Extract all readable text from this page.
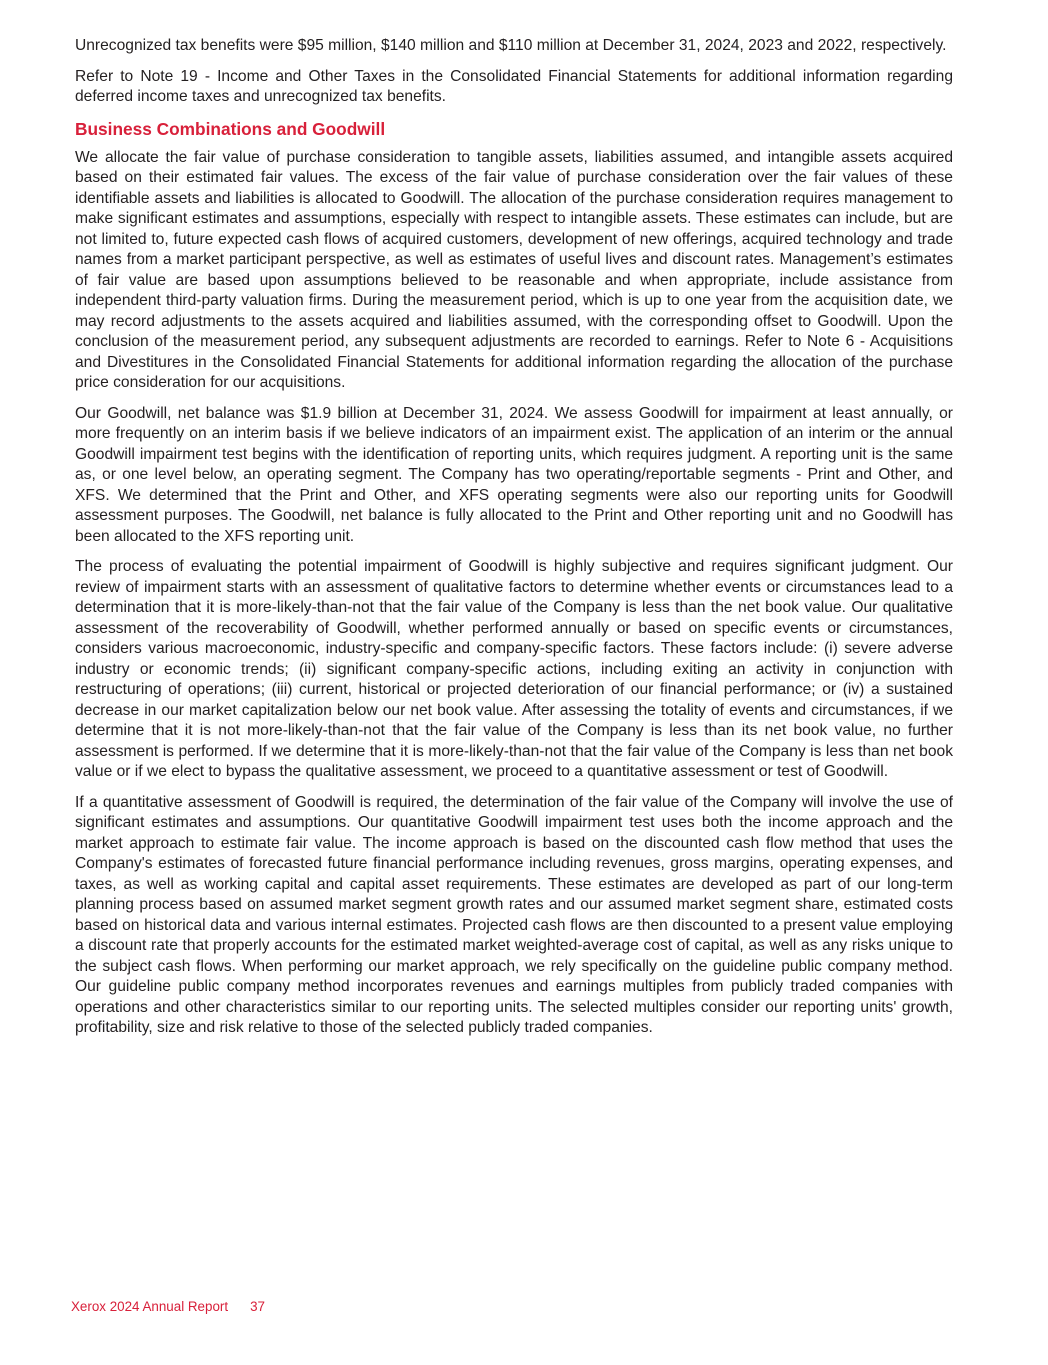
Unrecognized tax benefits were $95 million, $140 million and $110 million at December 31, 2024, 2023 and 2022, respectively.

Refer to Note 19 - Income and Other Taxes in the Consolidated Financial Statements for additional information regarding deferred income taxes and unrecognized tax benefits.

Business Combinations and Goodwill

We allocate the fair value of purchase consideration to tangible assets, liabilities assumed, and intangible assets acquired based on their estimated fair values. The excess of the fair value of purchase consideration over the fair values of these identifiable assets and liabilities is allocated to Goodwill. The allocation of the purchase consideration requires management to make significant estimates and assumptions, especially with respect to intangible assets. These estimates can include, but are not limited to, future expected cash flows of acquired customers, development of new offerings, acquired technology and trade names from a market participant perspective, as well as estimates of useful lives and discount rates. Management’s estimates of fair value are based upon assumptions believed to be reasonable and when appropriate, include assistance from independent third-party valuation firms. During the measurement period, which is up to one year from the acquisition date, we may record adjustments to the assets acquired and liabilities assumed, with the corresponding offset to Goodwill. Upon the conclusion of the measurement period, any subsequent adjustments are recorded to earnings. Refer to Note 6 - Acquisitions and Divestitures in the Consolidated Financial Statements for additional information regarding the allocation of the purchase price consideration for our acquisitions.

Our Goodwill, net balance was $1.9 billion at December 31, 2024. We assess Goodwill for impairment at least annually, or more frequently on an interim basis if we believe indicators of an impairment exist. The application of an interim or the annual Goodwill impairment test begins with the identification of reporting units, which requires judgment. A reporting unit is the same as, or one level below, an operating segment. The Company has two operating/reportable segments - Print and Other, and XFS. We determined that the Print and Other, and XFS operating segments were also our reporting units for Goodwill assessment purposes. The Goodwill, net balance is fully allocated to the Print and Other reporting unit and no Goodwill has been allocated to the XFS reporting unit.

The process of evaluating the potential impairment of Goodwill is highly subjective and requires significant judgment. Our review of impairment starts with an assessment of qualitative factors to determine whether events or circumstances lead to a determination that it is more-likely-than-not that the fair value of the Company is less than the net book value. Our qualitative assessment of the recoverability of Goodwill, whether performed annually or based on specific events or circumstances, considers various macroeconomic, industry-specific and company-specific factors. These factors include: (i) severe adverse industry or economic trends; (ii) significant company-specific actions, including exiting an activity in conjunction with restructuring of operations; (iii) current, historical or projected deterioration of our financial performance; or (iv) a sustained decrease in our market capitalization below our net book value. After assessing the totality of events and circumstances, if we determine that it is not more-likely-than-not that the fair value of the Company is less than its net book value, no further assessment is performed. If we determine that it is more-likely-than-not that the fair value of the Company is less than net book value or if we elect to bypass the qualitative assessment, we proceed to a quantitative assessment or test of Goodwill.

If a quantitative assessment of Goodwill is required, the determination of the fair value of the Company will involve the use of significant estimates and assumptions. Our quantitative Goodwill impairment test uses both the income approach and the market approach to estimate fair value. The income approach is based on the discounted cash flow method that uses the Company's estimates of forecasted future financial performance including revenues, gross margins, operating expenses, and taxes, as well as working capital and capital asset requirements. These estimates are developed as part of our long-term planning process based on assumed market segment growth rates and our assumed market segment share, estimated costs based on historical data and various internal estimates. Projected cash flows are then discounted to a present value employing a discount rate that properly accounts for the estimated market weighted-average cost of capital, as well as any risks unique to the subject cash flows. When performing our market approach, we rely specifically on the guideline public company method. Our guideline public company method incorporates revenues and earnings multiples from publicly traded companies with operations and other characteristics similar to our reporting units. The selected multiples consider our reporting units' growth, profitability, size and risk relative to those of the selected publicly traded companies.

Xerox 2024 Annual Report 37
